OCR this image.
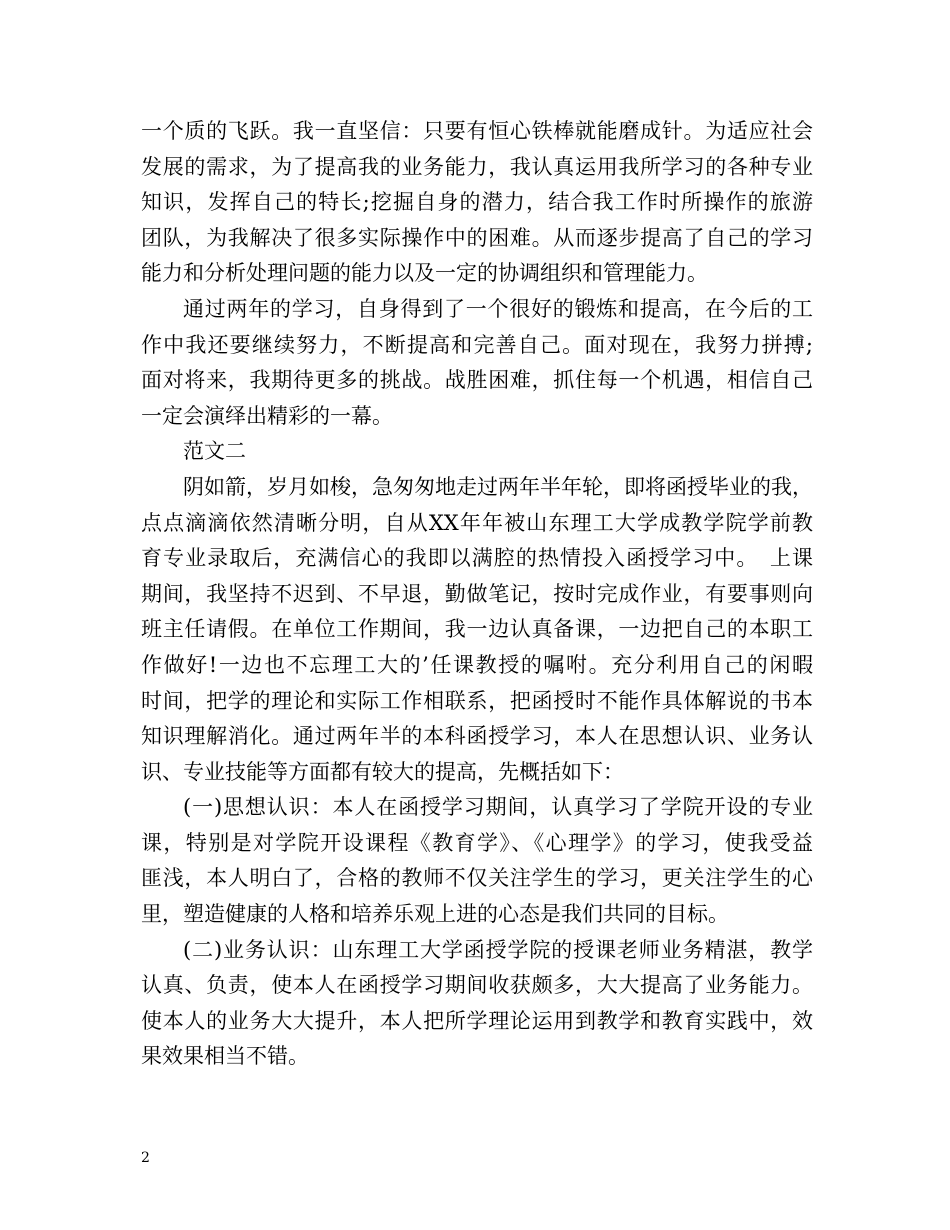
一个质的飞跃。我一直坚信：只要有恒心铁棒就能磨成针。为适应社会
发展的需求，为了提高我的业务能力，我认真运用我所学习的各种专业
知识，发挥自己的特长;挖掘自身的潜力，结合我工作时所操作的旅游
团队，为我解决了很多实际操作中的困难。从而逐步提高了自己的学习
能力和分析处理问题的能力以及一定的协调组织和管理能力。
通过两年的学习，自身得到了一个很好的锻炼和提高，在今后的工
作中我还要继续努力，不断提高和完善自己。面对现在，我努力拼搏;
面对将来，我期待更多的挑战。战胜困难，抓住每一个机遇，相信自己
一定会演绎出精彩的一幕。
范文二
阴如箭，岁月如梭，急匆匆地走过两年半年轮，即将函授毕业的我，
点点滴滴依然清晰分明，自从XX年年被山东理工大学成教学院学前教
育专业录取后，充满信心的我即以满腔的热情投入函授学习中。　上课
期间，我坚持不迟到、不早退，勤做笔记，按时完成作业，有要事则向
班主任请假。在单位工作期间，我一边认真备课，一边把自己的本职工
作做好!一边也不忘理工大的’任课教授的嘱咐。充分利用自己的闲暇
时间，把学的理论和实际工作相联系，把函授时不能作具体解说的书本
知识理解消化。通过两年半的本科函授学习，本人在思想认识、业务认
识、专业技能等方面都有较大的提高，先概括如下：
(一)思想认识：本人在函授学习期间，认真学习了学院开设的专业
课，特别是对学院开设课程《教育学》、《心理学》的学习，使我受益
匪浅，本人明白了，合格的教师不仅关注学生的学习，更关注学生的心
里，塑造健康的人格和培养乐观上进的心态是我们共同的目标。
(二)业务认识：山东理工大学函授学院的授课老师业务精湛，教学
认真、负责，使本人在函授学习期间收获颇多，大大提高了业务能力。
使本人的业务大大提升，本人把所学理论运用到教学和教育实践中，效
果效果相当不错。
2
